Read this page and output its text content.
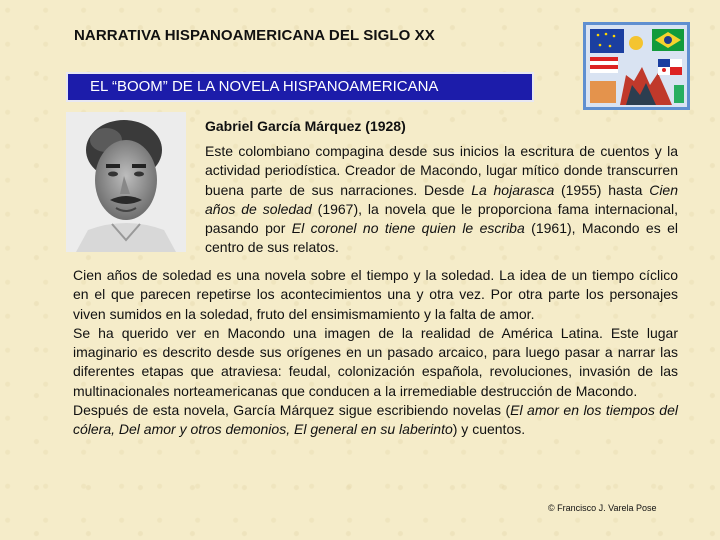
NARRATIVA HISPANOAMERICANA DEL SIGLO XX
EL “BOOM” DE LA NOVELA HISPANOAMERICANA
Gabriel García Márquez (1928)

Este colombiano compagina desde sus inicios la escritura de cuentos y la actividad periodística. Creador de Macondo, lugar mítico donde transcurren buena parte de sus narraciones. Desde La hojarasca (1955) hasta Cien años de soledad (1967), la novela que le proporciona fama internacional, pasando por El coronel no tiene quien le escriba (1961), Macondo es el centro de sus relatos.

Cien años de soledad es una novela sobre el tiempo y la soledad. La idea de un tiempo cíclico en el que parecen repetirse los acontecimientos una y otra vez. Por otra parte los personajes viven sumidos en la soledad, fruto del ensimismamiento y la falta de amor.

Se ha querido ver en Macondo una imagen de la realidad de América Latina. Este lugar imaginario es descrito desde sus orígenes en un pasado arcaico, para luego pasar a narrar las diferentes etapas que atraviesa: feudal, colonización española, revoluciones, invasión de las multinacionales norteamericanas que conducen a la irremediable destrucción de Macondo.

Después de esta novela, García Márquez sigue escribiendo novelas (El amor en los tiempos del cólera, Del amor y otros demonios, El general en su laberinto) y cuentos.

© Francisco J. Varela Pose
